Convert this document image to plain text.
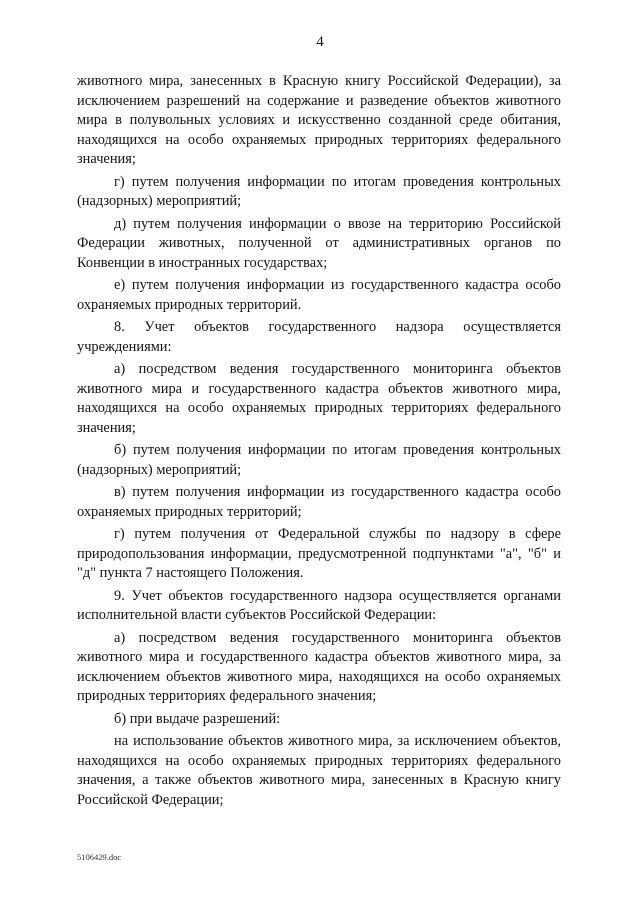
4

животного мира, занесенных в Красную книгу Российской Федерации), за исключением разрешений на содержание и разведение объектов животного мира в полувольных условиях и искусственно созданной среде обитания, находящихся на особо охраняемых природных территориях федерального значения;

г) путем получения информации по итогам проведения контрольных (надзорных) мероприятий;

д) путем получения информации о ввозе на территорию Российской Федерации животных, полученной от административных органов по Конвенции в иностранных государствах;

е) путем получения информации из государственного кадастра особо охраняемых природных территорий.

8. Учет объектов государственного надзора осуществляется учреждениями:

а) посредством ведения государственного мониторинга объектов животного мира и государственного кадастра объектов животного мира, находящихся на особо охраняемых природных территориях федерального значения;

б) путем получения информации по итогам проведения контрольных (надзорных) мероприятий;

в) путем получения информации из государственного кадастра особо охраняемых природных территорий;

г) путем получения от Федеральной службы по надзору в сфере природопользования информации, предусмотренной подпунктами "а", "б" и "д" пункта 7 настоящего Положения.

9. Учет объектов государственного надзора осуществляется органами исполнительной власти субъектов Российской Федерации:

а) посредством ведения государственного мониторинга объектов животного мира и государственного кадастра объектов животного мира, за исключением объектов животного мира, находящихся на особо охраняемых природных территориях федерального значения;

б) при выдаче разрешений:

на использование объектов животного мира, за исключением объектов, находящихся на особо охраняемых природных территориях федерального значения, а также объектов животного мира, занесенных в Красную книгу Российской Федерации;

5106429.doc
